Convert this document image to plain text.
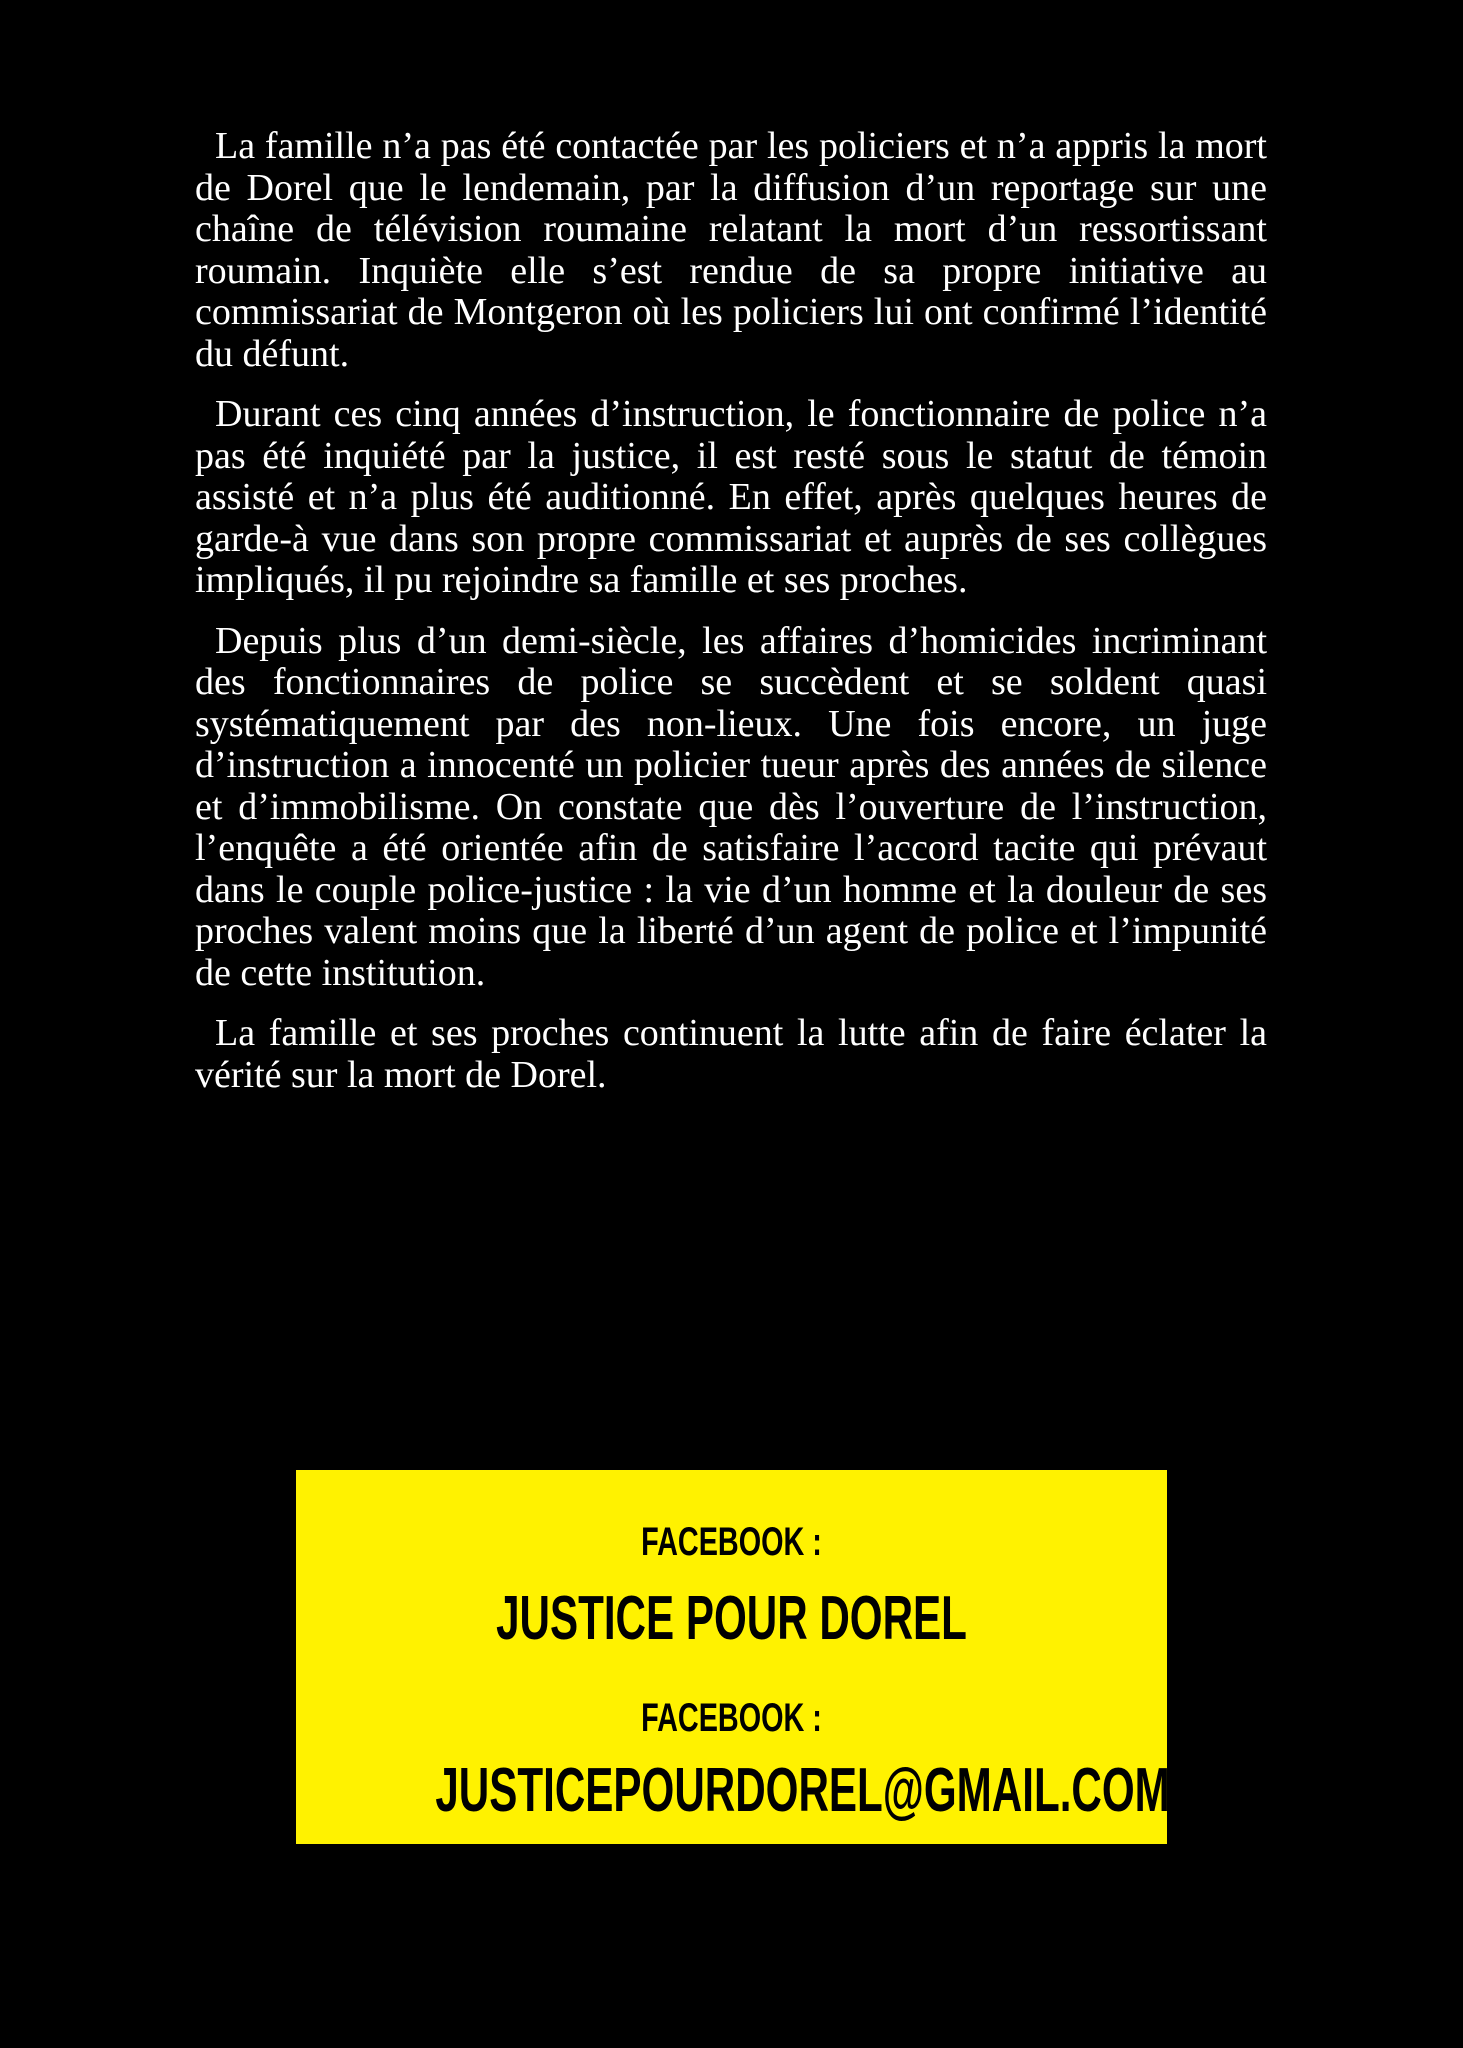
La famille n’a pas été contactée par les policiers et n’a appris la mort de Dorel que le lendemain, par la diffusion d’un reportage sur une chaîne de télévision roumaine relatant la mort d’un ressortissant roumain. Inquiète elle s’est rendue de sa propre initiative au commissariat de Montgeron où les policiers lui ont confirmé l’identité du défunt.

Durant ces cinq années d’instruction, le fonctionnaire de police n’a pas été inquiété par la justice, il est resté sous le statut de témoin assisté et n’a plus été auditionné. En effet, après quelques heures de garde-à vue dans son propre commissariat et auprès de ses collègues impliqués, il pu rejoindre sa famille et ses proches.

Depuis plus d’un demi-siècle, les affaires d’homicides incriminant des fonctionnaires de police se succèdent et se soldent quasi systématiquement par des non-lieux. Une fois encore, un juge d’instruction a innocenté un policier tueur après des années de silence et d’immobilisme. On constate que dès l’ouverture de l’instruction, l’enquête a été orientée afin de satisfaire l’accord tacite qui prévaut dans le couple police-justice : la vie d’un homme et la douleur de ses proches valent moins que la liberté d’un agent de police et l’impunité de cette institution.

La famille et ses proches continuent la lutte afin de faire éclater la vérité sur la mort de Dorel.

FACEBOOK :
JUSTICE POUR DOREL
FACEBOOK :
JUSTICEPOURDOREL@GMAIL.COM
